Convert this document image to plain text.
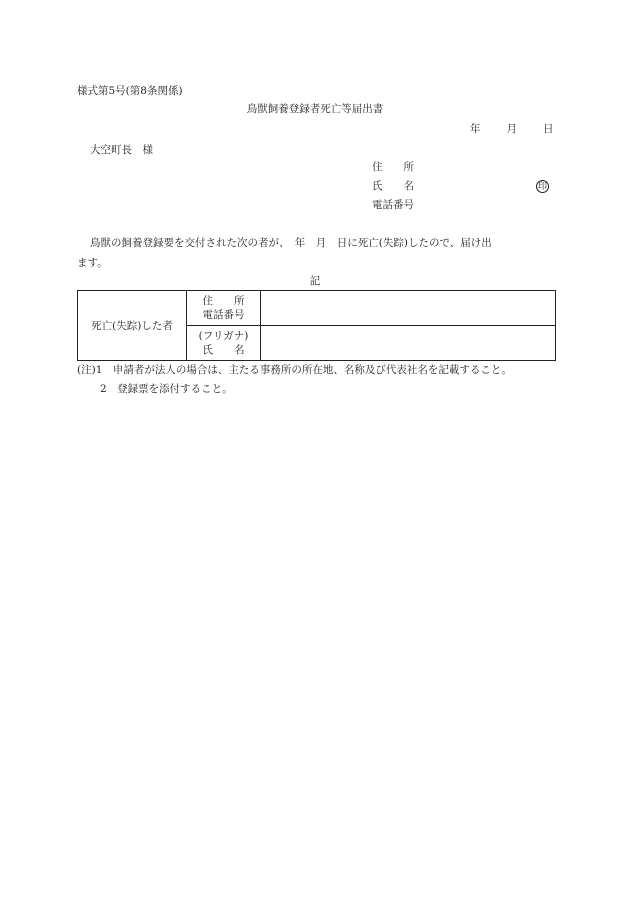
様式第5号(第8条関係)
鳥獣飼養登録者死亡等届出書
年 月 日
大空町長　様
住　　所
氏　　名	印
電話番号
鳥獣の飼養登録要を交付された次の者が、　年　月　日に死亡(失踪)したので、届け出
ます。
記
死亡(失踪)した者	住　　所
電話番号	

	(フリガナ)
氏　　名	

(注)1　申請者が法人の場合は、主たる事務所の所在地、名称及び代表社名を記載すること。
2　登録票を添付すること。
